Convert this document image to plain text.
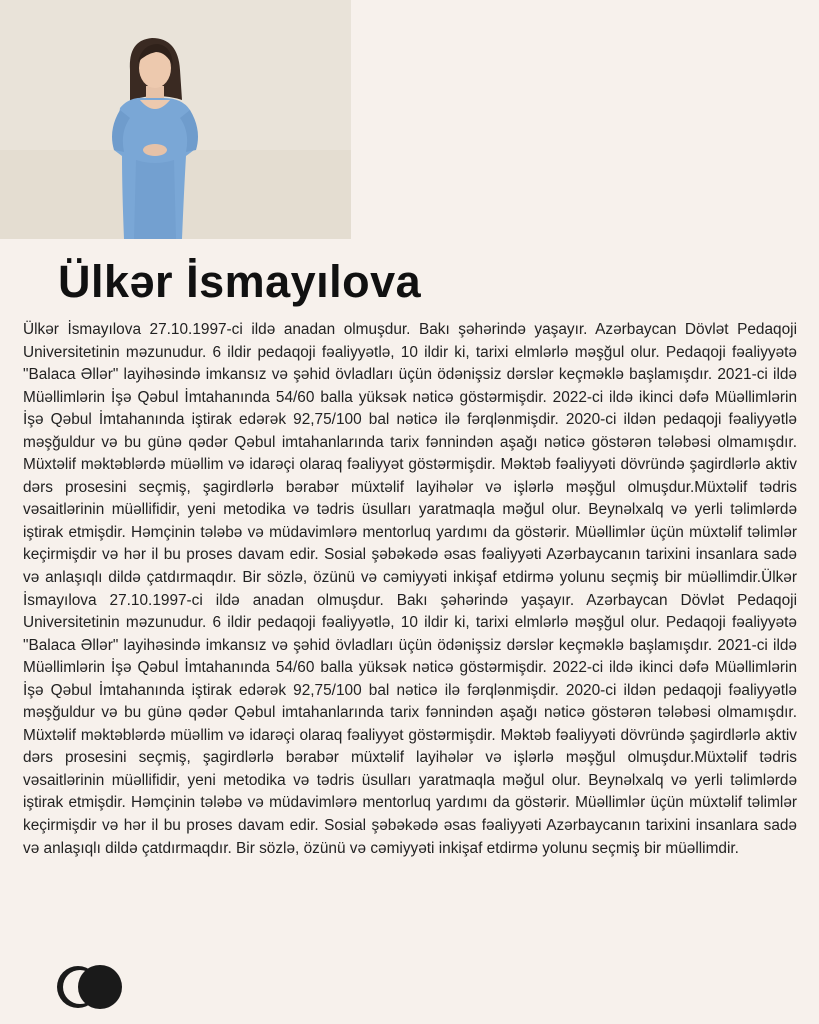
Ülkər İsmayılova

Ülkər İsmayılova 27.10.1997-ci ildə anadan olmuşdur. Bakı şəhərində yaşayır. Azərbaycan Dövlət Pedaqoji Universitetinin məzunudur. 6 ildir pedaqoji fəaliyyətlə, 10 ildir ki, tarixi elmlərlə məşğul olur. Pedaqoji fəaliyyətə "Balaca Əllər" layihəsində imkansız və şəhid övladları üçün ödənişsiz dərslər keçməklə başlamışdır. 2021-ci ildə Müəllimlərin İşə Qəbul İmtahanında 54/60 balla yüksək nəticə göstərmişdir. 2022-ci ildə ikinci dəfə Müəllimlərin İşə Qəbul İmtahanında iştirak edərək 92,75/100 bal nəticə ilə fərqlənmişdir. 2020-ci ildən pedaqoji fəaliyyətlə məşğuldur və bu günə qədər Qəbul imtahanlarında tarix fənnindən aşağı nəticə göstərən tələbəsi olmamışdır. Müxtəlif məktəblərdə müəllim və idarəçi olaraq fəaliyyət göstərmişdir. Məktəb fəaliyyəti dövründə şagirdlərlə aktiv dərs prosesini seçmiş, şagirdlərlə bərabər müxtəlif layihələr və işlərlə məşğul olmuşdur.Müxtəlif tədris vəsaitlərinin müəllifidir, yeni metodika və tədris üsulları yaratmaqla məğul olur. Beynəlxalq və yerli təlimlərdə iştirak etmişdir. Həmçinin tələbə və müdavimlərə mentorluq yardımı da göstərir. Müəllimlər üçün müxtəlif təlimlər keçirmişdir və hər il bu proses davam edir. Sosial şəbəkədə əsas fəaliyyəti Azərbaycanın tarixini insanlara sadə və anlaşıqlı dildə çatdırmaqdır. Bir sözlə, özünü və cəmiyyəti inkişaf etdirmə yolunu seçmiş bir müəllimdir.Ülkər İsmayılova 27.10.1997-ci ildə anadan olmuşdur. Bakı şəhərində yaşayır. Azərbaycan Dövlət Pedaqoji Universitetinin məzunudur. 6 ildir pedaqoji fəaliyyətlə, 10 ildir ki, tarixi elmlərlə məşğul olur. Pedaqoji fəaliyyətə "Balaca Əllər" layihəsində imkansız və şəhid övladları üçün ödənişsiz dərslər keçməklə başlamışdır. 2021-ci ildə Müəllimlərin İşə Qəbul İmtahanında 54/60 balla yüksək nəticə göstərmişdir. 2022-ci ildə ikinci dəfə Müəllimlərin İşə Qəbul İmtahanında iştirak edərək 92,75/100 bal nəticə ilə fərqlənmişdir. 2020-ci ildən pedaqoji fəaliyyətlə məşğuldur və bu günə qədər Qəbul imtahanlarında tarix fənnindən aşağı nəticə göstərən tələbəsi olmamışdır. Müxtəlif məktəblərdə müəllim və idarəçi olaraq fəaliyyət göstərmişdir. Məktəb fəaliyyəti dövründə şagirdlərlə aktiv dərs prosesini seçmiş, şagirdlərlə bərabər müxtəlif layihələr və işlərlə məşğul olmuşdur.Müxtəlif tədris vəsaitlərinin müəllifidir, yeni metodika və tədris üsulları yaratmaqla məğul olur. Beynəlxalq və yerli təlimlərdə iştirak etmişdir. Həmçinin tələbə və müdavimlərə mentorluq yardımı da göstərir. Müəllimlər üçün müxtəlif təlimlər keçirmişdir və hər il bu proses davam edir. Sosial şəbəkədə əsas fəaliyyəti Azərbaycanın tarixini insanlara sadə və anlaşıqlı dildə çatdırmaqdır. Bir sözlə, özünü və cəmiyyəti inkişaf etdirmə yolunu seçmiş bir müəllimdir.
